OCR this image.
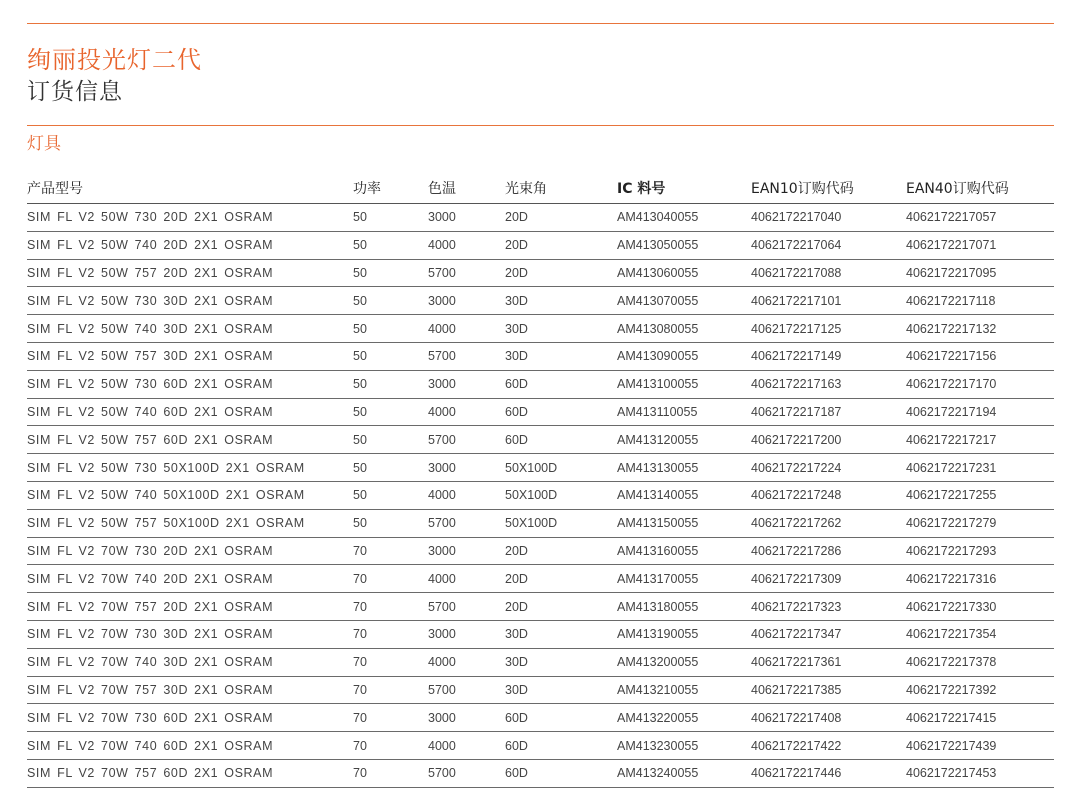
绚丽投光灯二代
订货信息
灯具
产品型号	功率	色温	光束角	IC 料号	EAN10订购代码	EAN40订购代码
SIM FL V2 50W 730 20D 2X1 OSRAM	50	3000	20D	AM413040055	4062172217040	4062172217057
SIM FL V2 50W 740 20D 2X1 OSRAM	50	4000	20D	AM413050055	4062172217064	4062172217071
SIM FL V2 50W 757 20D 2X1 OSRAM	50	5700	20D	AM413060055	4062172217088	4062172217095
SIM FL V2 50W 730 30D 2X1 OSRAM	50	3000	30D	AM413070055	4062172217101	4062172217118
SIM FL V2 50W 740 30D 2X1 OSRAM	50	4000	30D	AM413080055	4062172217125	4062172217132
SIM FL V2 50W 757 30D 2X1 OSRAM	50	5700	30D	AM413090055	4062172217149	4062172217156
SIM FL V2 50W 730 60D 2X1 OSRAM	50	3000	60D	AM413100055	4062172217163	4062172217170
SIM FL V2 50W 740 60D 2X1 OSRAM	50	4000	60D	AM413110055	4062172217187	4062172217194
SIM FL V2 50W 757 60D 2X1 OSRAM	50	5700	60D	AM413120055	4062172217200	4062172217217
SIM FL V2 50W 730 50X100D 2X1 OSRAM	50	3000	50X100D	AM413130055	4062172217224	4062172217231
SIM FL V2 50W 740 50X100D 2X1 OSRAM	50	4000	50X100D	AM413140055	4062172217248	4062172217255
SIM FL V2 50W 757 50X100D 2X1 OSRAM	50	5700	50X100D	AM413150055	4062172217262	4062172217279
SIM FL V2 70W 730 20D 2X1 OSRAM	70	3000	20D	AM413160055	4062172217286	4062172217293
SIM FL V2 70W 740 20D 2X1 OSRAM	70	4000	20D	AM413170055	4062172217309	4062172217316
SIM FL V2 70W 757 20D 2X1 OSRAM	70	5700	20D	AM413180055	4062172217323	4062172217330
SIM FL V2 70W 730 30D 2X1 OSRAM	70	3000	30D	AM413190055	4062172217347	4062172217354
SIM FL V2 70W 740 30D 2X1 OSRAM	70	4000	30D	AM413200055	4062172217361	4062172217378
SIM FL V2 70W 757 30D 2X1 OSRAM	70	5700	30D	AM413210055	4062172217385	4062172217392
SIM FL V2 70W 730 60D 2X1 OSRAM	70	3000	60D	AM413220055	4062172217408	4062172217415
SIM FL V2 70W 740 60D 2X1 OSRAM	70	4000	60D	AM413230055	4062172217422	4062172217439
SIM FL V2 70W 757 60D 2X1 OSRAM	70	5700	60D	AM413240055	4062172217446	4062172217453
